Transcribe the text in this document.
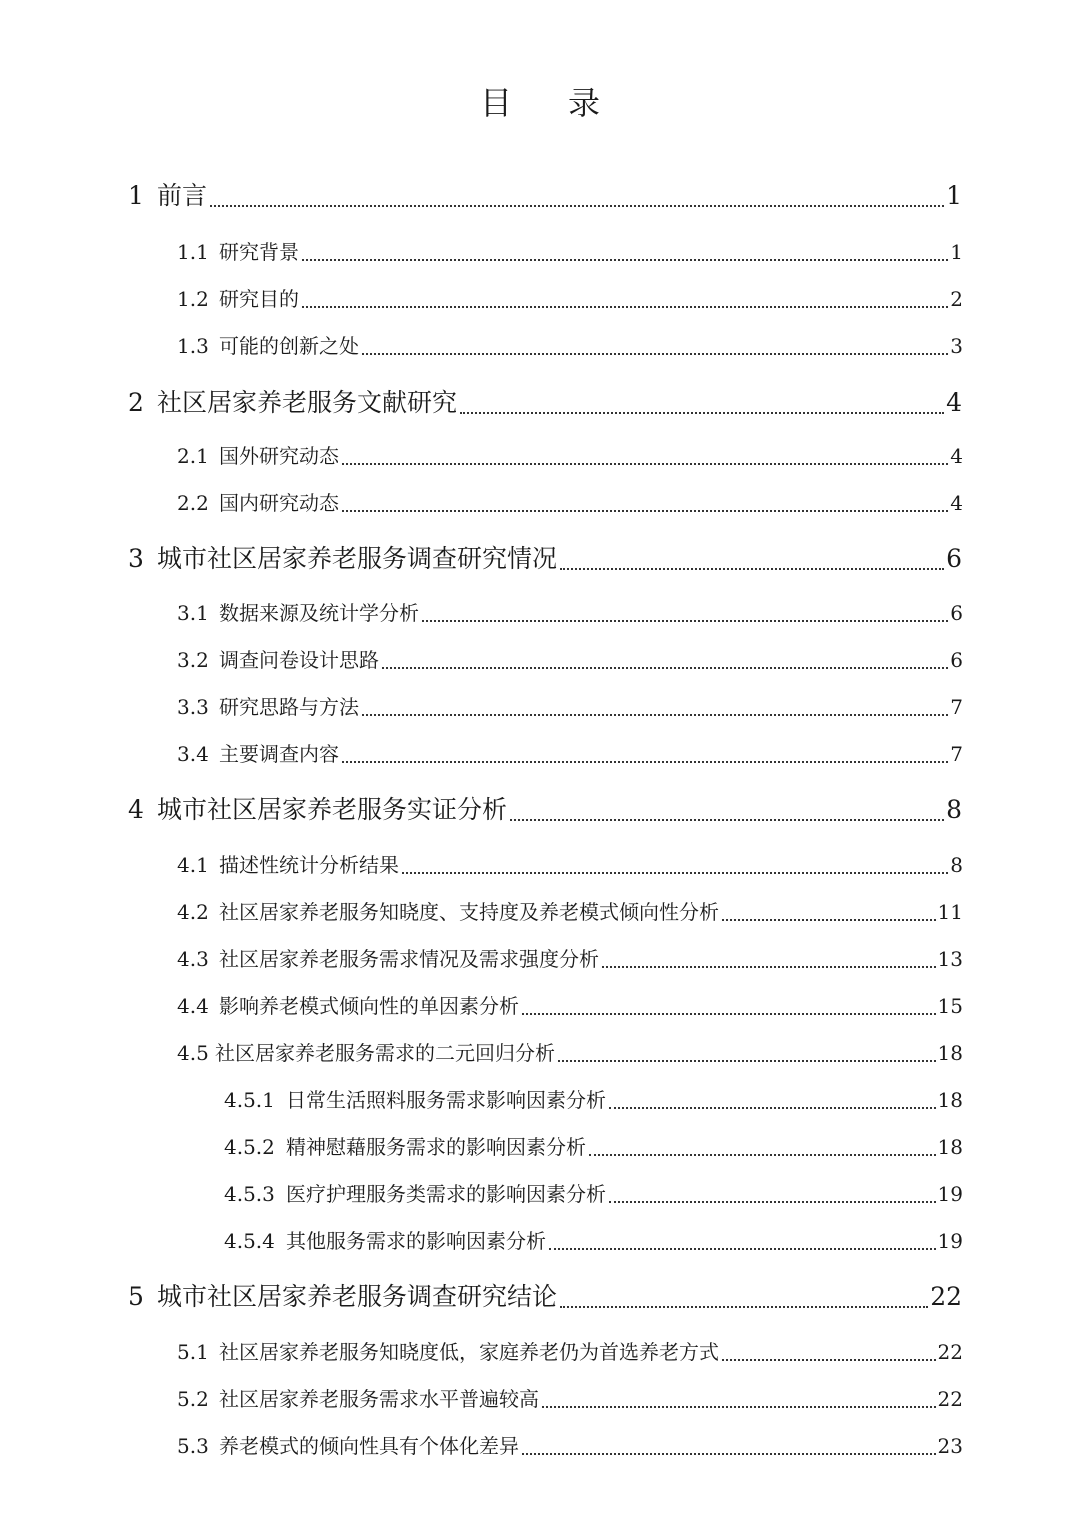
目 录
1 前言	1
1.1 研究背景	1
1.2 研究目的	2
1.3 可能的创新之处	3
2 社区居家养老服务文献研究	4
2.1 国外研究动态	4
2.2 国内研究动态	4
3 城市社区居家养老服务调查研究情况	6
3.1 数据来源及统计学分析	6
3.2 调查问卷设计思路	6
3.3 研究思路与方法	7
3.4 主要调查内容	7
4 城市社区居家养老服务实证分析	8
4.1 描述性统计分析结果	8
4.2 社区居家养老服务知晓度、支持度及养老模式倾向性分析	11
4.3 社区居家养老服务需求情况及需求强度分析	13
4.4 影响养老模式倾向性的单因素分析	15
4.5 社区居家养老服务需求的二元回归分析	18
4.5.1 日常生活照料服务需求影响因素分析	18
4.5.2 精神慰藉服务需求的影响因素分析	18
4.5.3 医疗护理服务类需求的影响因素分析	19
4.5.4 其他服务需求的影响因素分析	19
5 城市社区居家养老服务调查研究结论	22
5.1 社区居家养老服务知晓度低，家庭养老仍为首选养老方式	22
5.2 社区居家养老服务需求水平普遍较高	22
5.3 养老模式的倾向性具有个体化差异	23
